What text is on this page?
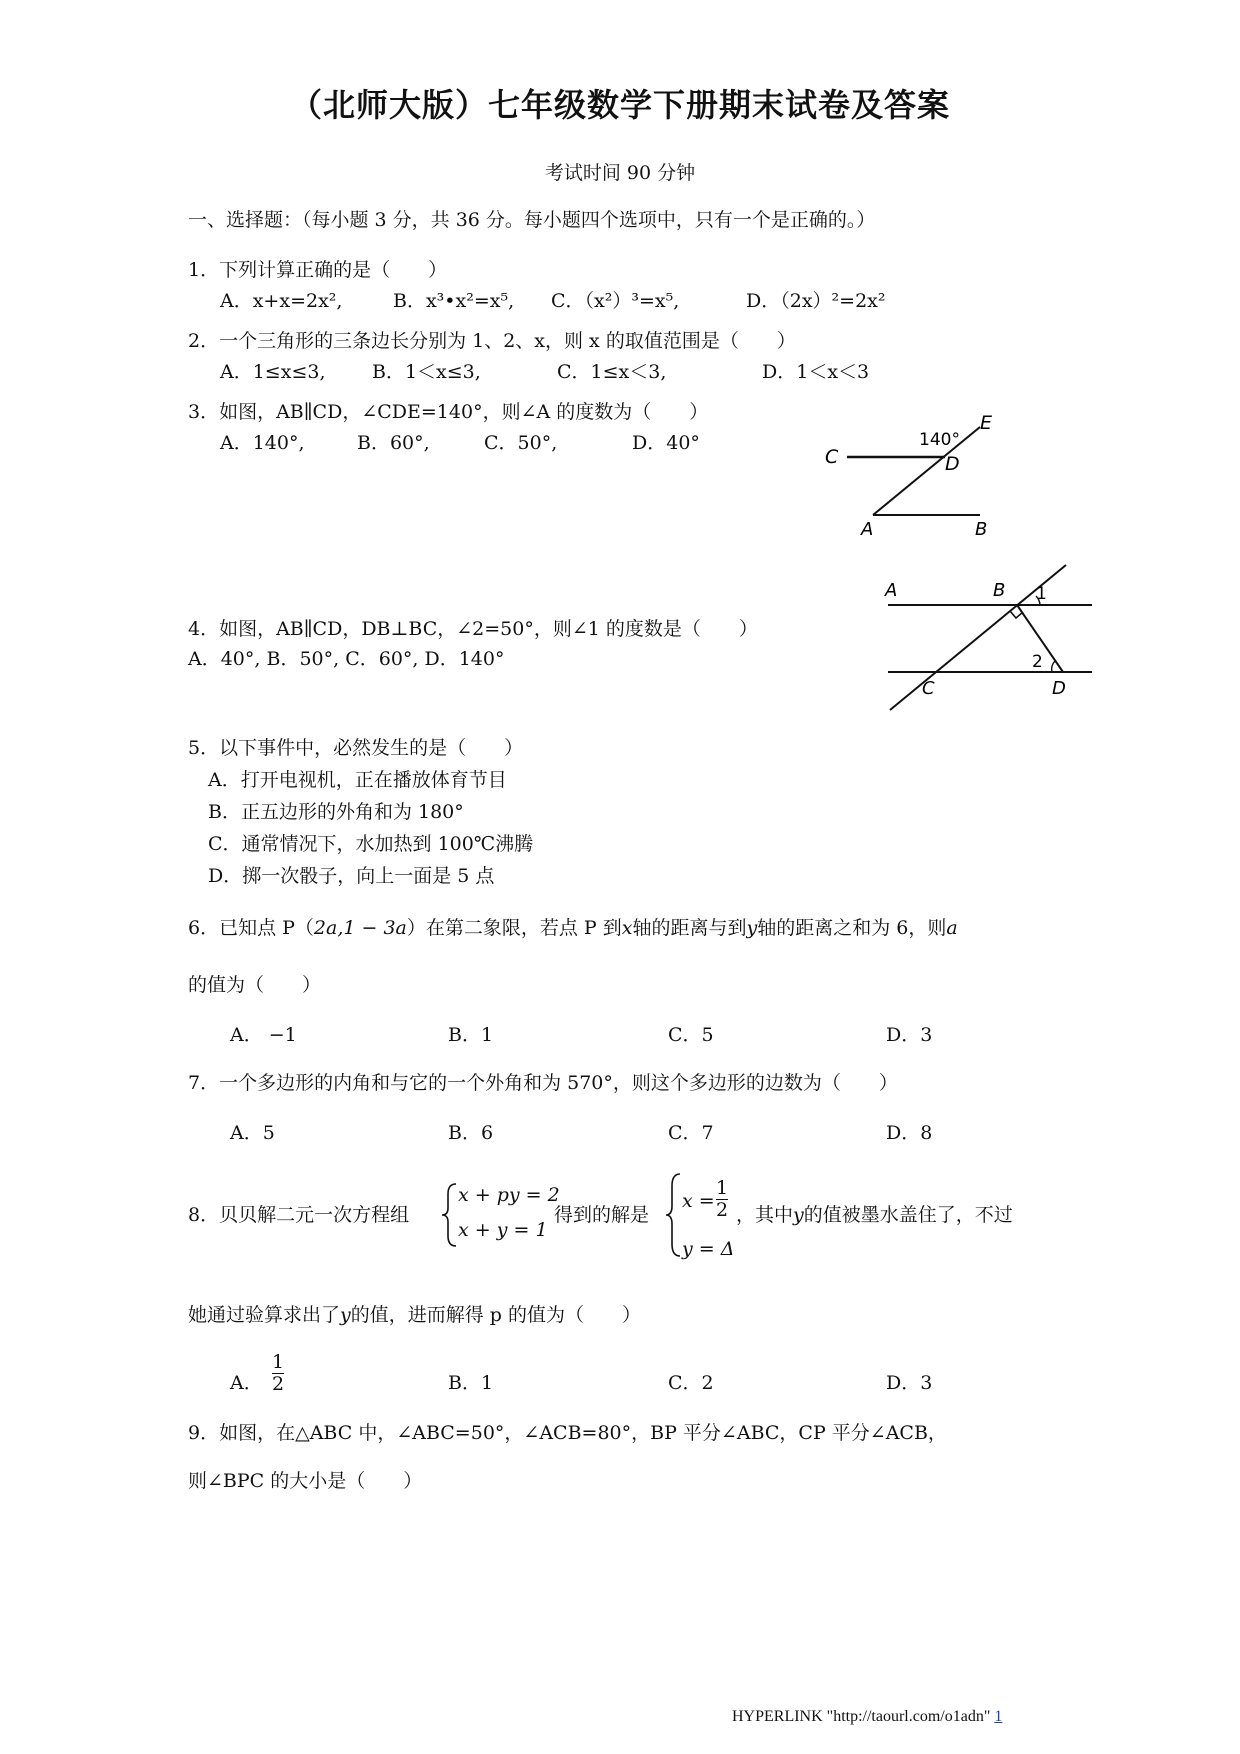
（北师大版）七年级数学下册期末试卷及答案
考试时间 90 分钟
一、选择题：（每小题 3 分，共 36 分。每小题四个选项中，只有一个是正确的。）
1．下列计算正确的是（　　）
A．x+x=2x²,	B．x³•x²=x⁵, C．（x²）³=x⁵,	D．（2x）²=2x²
2．一个三角形的三条边长分别为 1、2、x，则 x 的取值范围是（　　）
A．1≤x≤3, B．1＜x≤3,	C．1≤x＜3,	D．1＜x＜3
3．如图，AB∥CD，∠CDE=140°，则∠A 的度数为（　　）
A．140°,	B．60°,	C．50°,	D．40°
C	D
E
140°
A	B
4．如图，AB∥CD，DB⊥BC，∠2=50°，则∠1 的度数是（　　）
A．40°, B．50°, C．60°, D．140°
A	B 1
2
C	D
5．以下事件中，必然发生的是（　　）
A．打开电视机，正在播放体育节目
B．正五边形的外角和为 180°
C．通常情况下，水加热到 100℃沸腾
D．掷一次骰子，向上一面是 5 点
6．已知点 P（2a,1 − 3a）在第二象限，若点 P 到x轴的距离与到y轴的距离之和为 6，则a
的值为（　　）
A． −1	B．1	C．5	D．3
7．一个多边形的内角和与它的一个外角和为 570°，则这个多边形的边数为（　　）
A．5	B．6	C．7	D．8
8．贝贝解二元一次方程组
x + py = 2
x + y = 1
得到的解是
$x = \frac{1}{2}$
y = Δ
，其中y的值被墨水盖住了，不过
她通过验算求出了y的值，进而解得 p 的值为（　　）
A． $\frac{1}{2}$	B．1	C．2	D．3
9．如图，在△ABC 中，∠ABC=50°，∠ACB=80°，BP 平分∠ABC，CP 平分∠ACB，
则∠BPC 的大小是（　　）
HYPERLINK "http://taourl.com/o1adn" 1
